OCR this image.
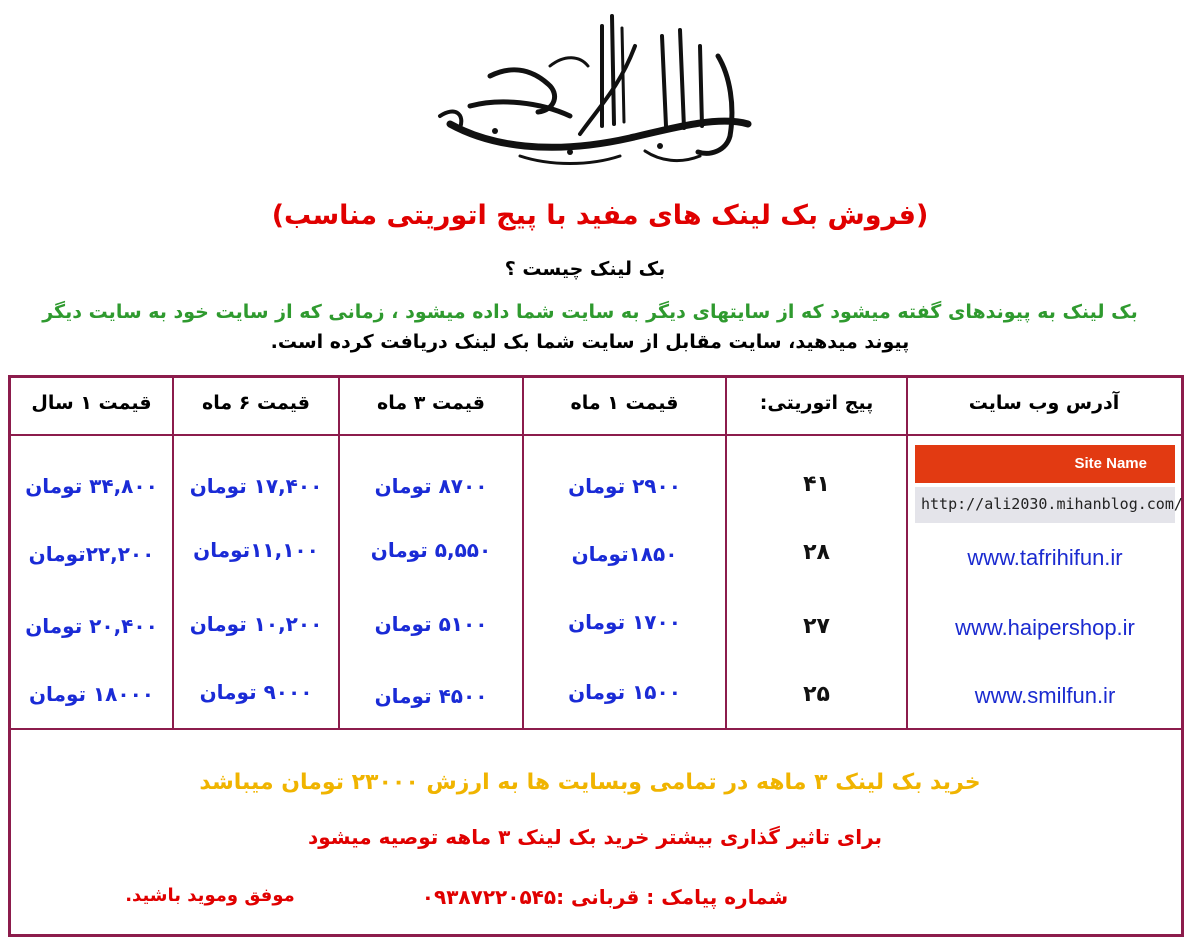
(فروش بک لینک های مفید با پیج اتوریتی مناسب)
بک لینک چیست ؟
بک لینک به پیوندهای گفته میشود که از سایتهای دیگر به سایت شما داده میشود ، زمانی که از سایت خود به سایت دیگر
پیوند میدهید، سایت مقابل از سایت شما بک لینک دریافت کرده است.
آدرس وب سایت
پیج اتوریتی:
قیمت ۱ ماه
قیمت ۳ ماه
قیمت ۶ ماه
قیمت ۱ سال
Site Name
http://ali2030.mihanblog.com/
۴۱
۲۹۰۰ تومان
۸۷۰۰ تومان
۱۷,۴۰۰ تومان
۳۴,۸۰۰ تومان
www.tafrihifun.ir
۲۸
۱۸۵۰تومان
۵,۵۵۰ تومان
۱۱,۱۰۰تومان
۲۲,۲۰۰تومان
www.haipershop.ir
۲۷
۱۷۰۰ تومان
۵۱۰۰ تومان
۱۰,۲۰۰ تومان
۲۰,۴۰۰ تومان
www.smilfun.ir
۲۵
۱۵۰۰ تومان
۴۵۰۰ تومان
۹۰۰۰ تومان
۱۸۰۰۰ تومان
خرید بک لینک ۳ ماهه در تمامی وبسایت ها به ارزش ۲۳۰۰۰ تومان میباشد
برای تاثیر گذاری بیشتر خرید بک لینک ۳ ماهه توصیه میشود
شماره پیامک : قربانی :۰۹۳۸۷۲۲۰۵۴۵
موفق وموید باشید.
